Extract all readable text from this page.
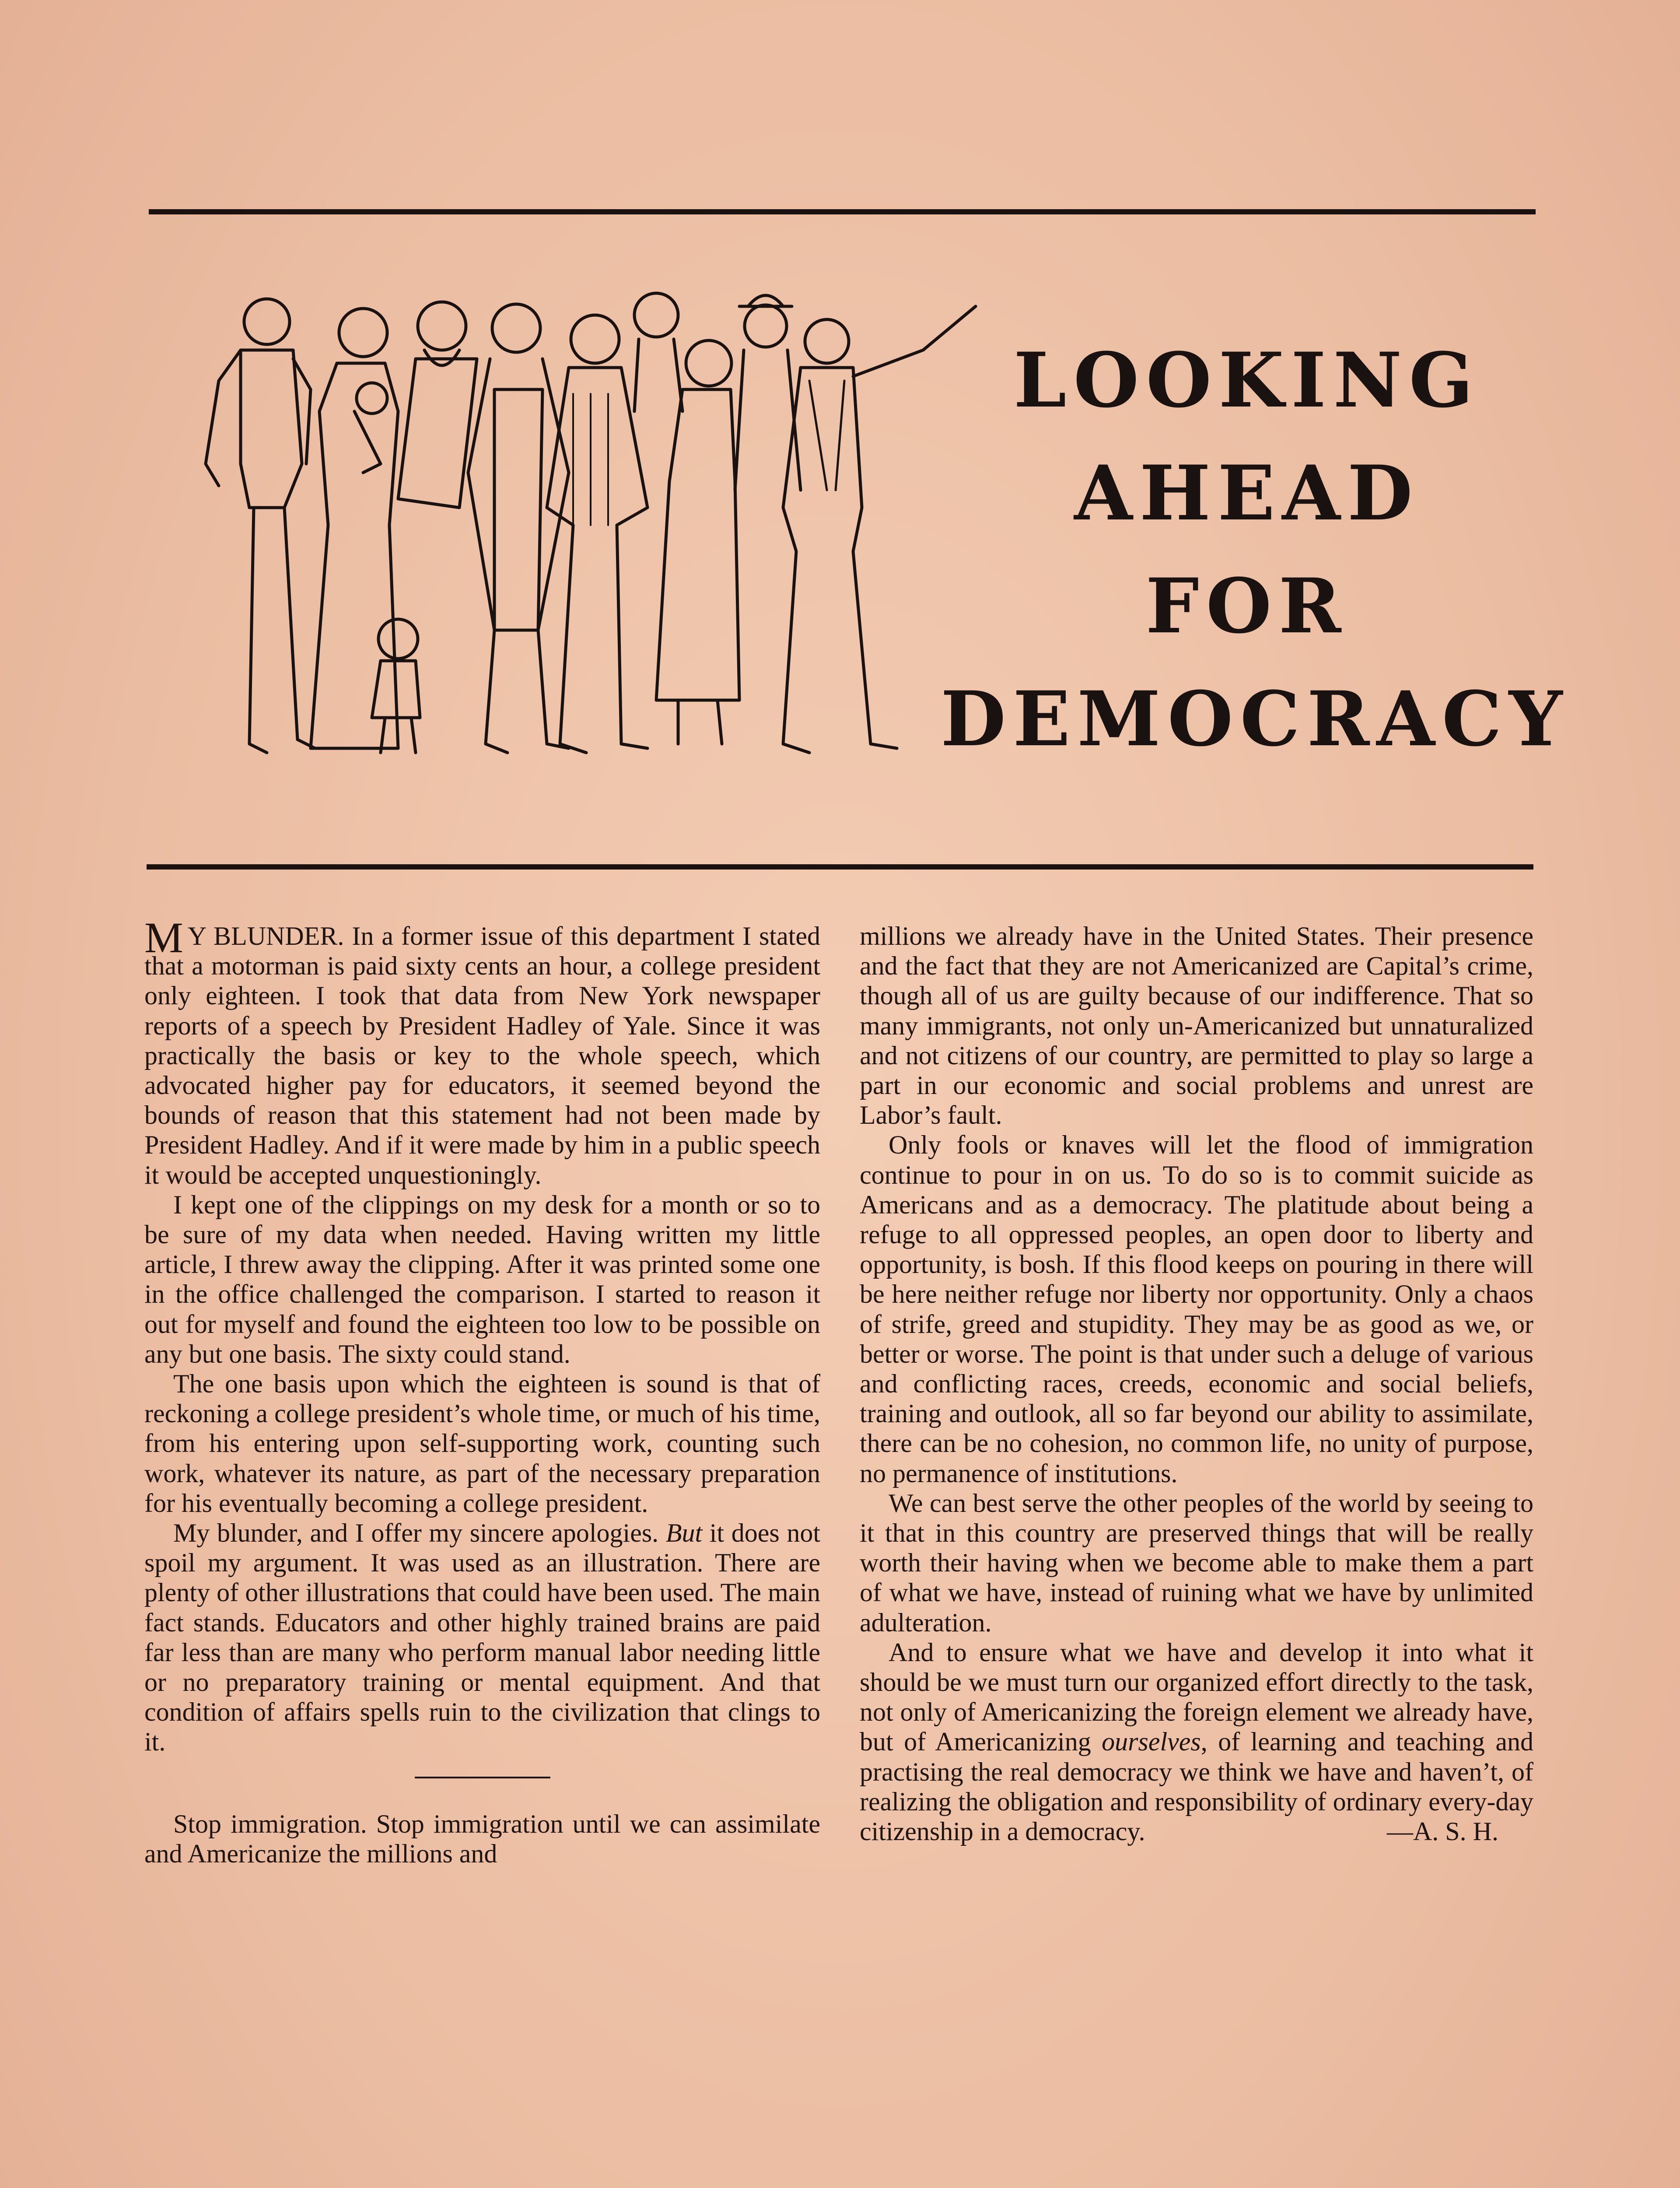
LOOKING
AHEAD
FOR
DEMOCRACY

M Y BLUNDER. In a former issue of this department I stated that a motorman is paid sixty cents an hour, a college president only eighteen. I took that data from New York newspaper reports of a speech by President Hadley of Yale. Since it was practically the basis or key to the whole speech, which advocated higher pay for educators, it seemed beyond the bounds of reason that this statement had not been made by President Hadley. And if it were made by him in a public speech it would be accepted unquestioningly.

I kept one of the clippings on my desk for a month or so to be sure of my data when needed. Having written my little article, I threw away the clipping. After it was printed some one in the office challenged the comparison. I started to reason it out for myself and found the eighteen too low to be possible on any but one basis. The sixty could stand.

The one basis upon which the eighteen is sound is that of reckoning a college president’s whole time, or much of his time, from his entering upon self-supporting work, counting such work, whatever its nature, as part of the necessary preparation for his eventually becoming a college president.

My blunder, and I offer my sincere apologies. But it does not spoil my argument. It was used as an illustration. There are plenty of other illustrations that could have been used. The main fact stands. Educators and other highly trained brains are paid far less than are many who perform manual labor needing little or no preparatory training or mental equipment. And that condition of affairs spells ruin to the civilization that clings to it.

Stop immigration. Stop immigration until we can assimilate and Americanize the millions and

millions we already have in the United States. Their presence and the fact that they are not Americanized are Capital’s crime, though all of us are guilty because of our indifference. That so many immigrants, not only un-Americanized but unnaturalized and not citizens of our country, are permitted to play so large a part in our economic and social problems and unrest are Labor’s fault.

Only fools or knaves will let the flood of immigration continue to pour in on us. To do so is to commit suicide as Americans and as a democracy. The platitude about being a refuge to all oppressed peoples, an open door to liberty and opportunity, is bosh. If this flood keeps on pouring in there will be here neither refuge nor liberty nor opportunity. Only a chaos of strife, greed and stupidity. They may be as good as we, or better or worse. The point is that under such a deluge of various and conflicting races, creeds, economic and social beliefs, training and outlook, all so far beyond our ability to assimilate, there can be no cohesion, no common life, no unity of purpose, no permanence of institutions.

We can best serve the other peoples of the world by seeing to it that in this country are preserved things that will be really worth their having when we become able to make them a part of what we have, instead of ruining what we have by unlimited adulteration.

And to ensure what we have and develop it into what it should be we must turn our organized effort directly to the task, not only of Americanizing the foreign element we already have, but of Americanizing ourselves, of learning and teaching and practising the real democracy we think we have and haven’t, of realizing the obligation and responsibility of ordinary every-day citizenship in a democracy.	—A. S. H.
